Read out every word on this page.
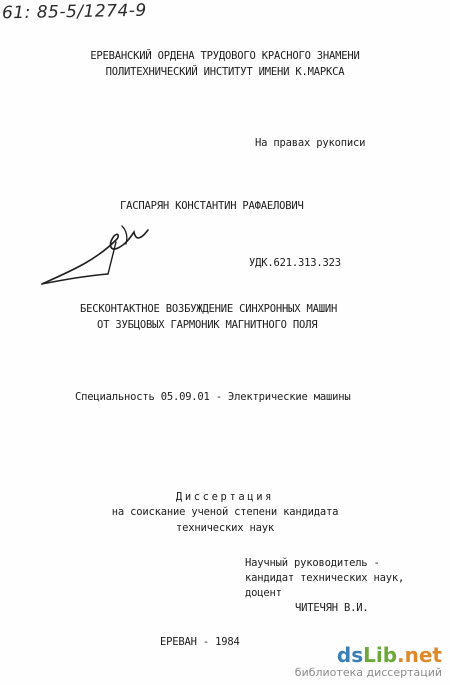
61: 85-5/1274-9
ЕРЕВАНСКИЙ ОРДЕНА ТРУДОВОГО КРАСНОГО ЗНАМЕНИ
ПОЛИТЕХНИЧЕСКИЙ ИНСТИТУТ ИМЕНИ К.МАРКСА
На правах рукописи
ГАСПАРЯН КОНСТАНТИН РАФАЕЛОВИЧ
УДК.621.313.323
БЕСКОНТАКТНОЕ ВОЗБУЖДЕНИЕ СИНХРОННЫХ МАШИН
ОТ ЗУБЦОВЫХ ГАРМОНИК МАГНИТНОГО ПОЛЯ
Специальность 05.09.01 - Электрические машины
Диссертация
на соискание ученой степени кандидата
технических наук
Научный руководитель -
кандидат технических наук,
доцент
ЧИТЕЧЯН В.И.
ЕРЕВАН - 1984
dsLib.net
библиотека диссертаций
